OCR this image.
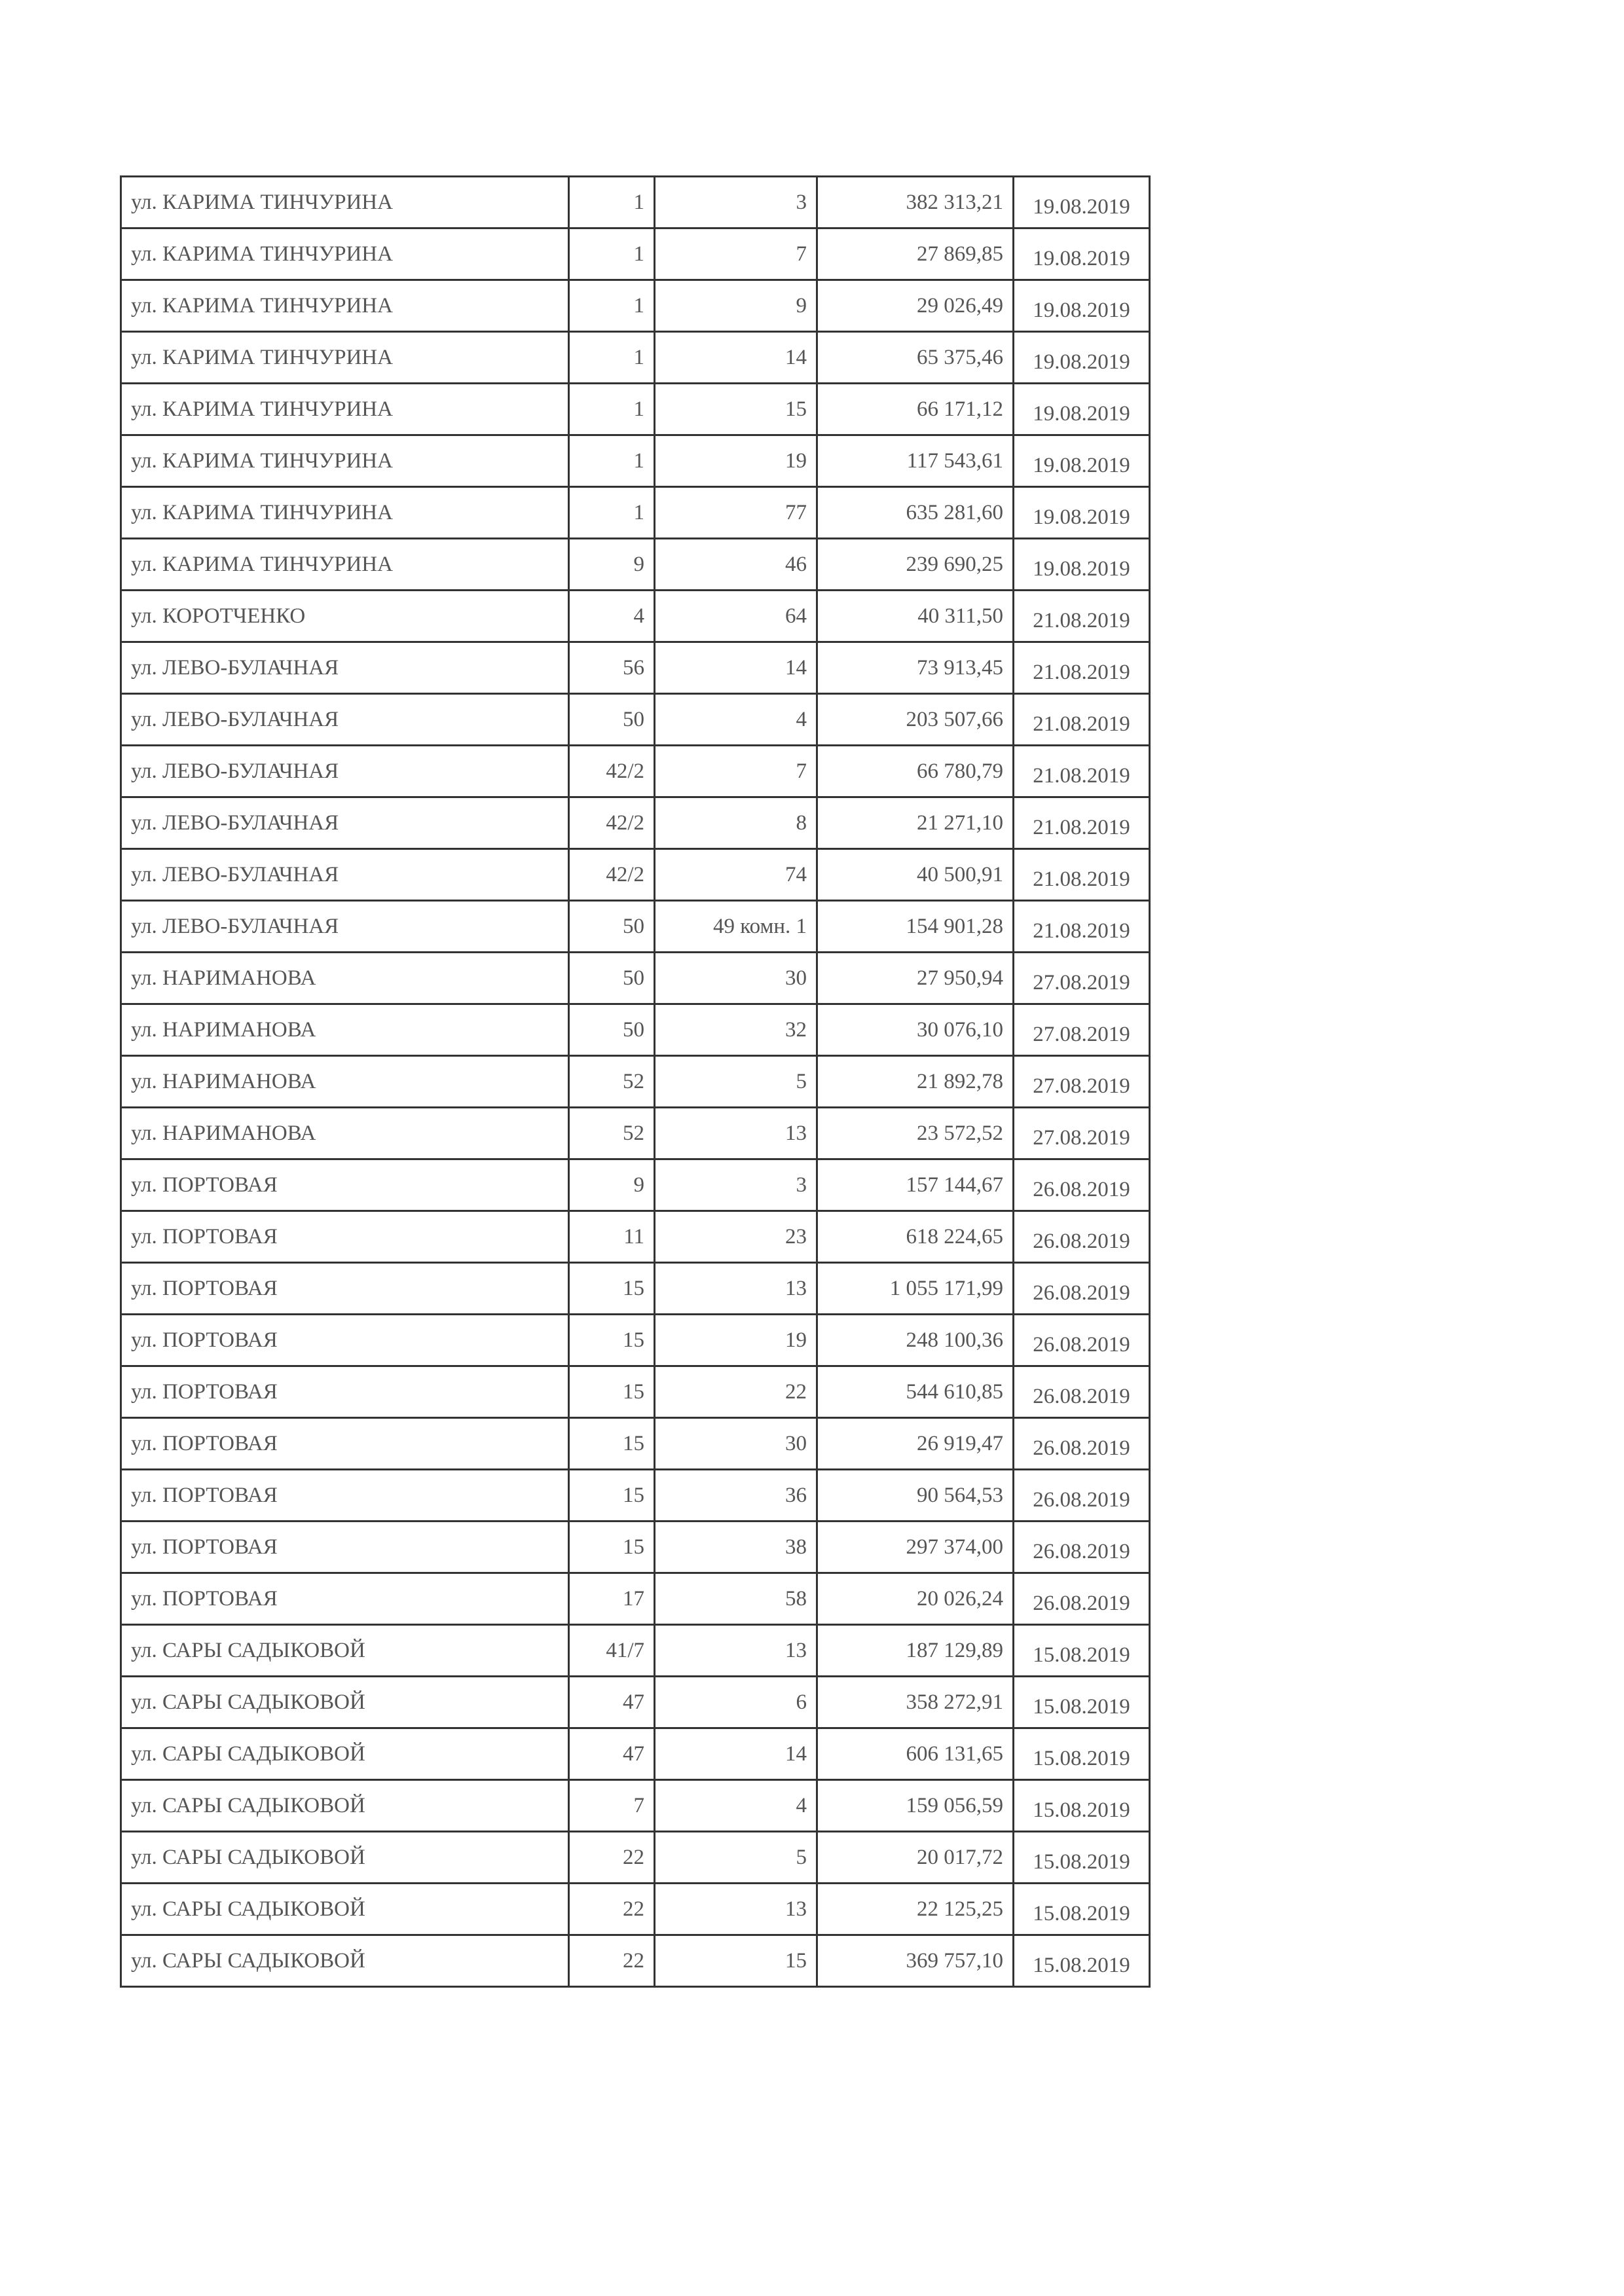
ул. КАРИМА ТИНЧУРИНА	1	3	382 313,21	19.08.2019
ул. КАРИМА ТИНЧУРИНА	1	7	27 869,85	19.08.2019
ул. КАРИМА ТИНЧУРИНА	1	9	29 026,49	19.08.2019
ул. КАРИМА ТИНЧУРИНА	1	14	65 375,46	19.08.2019
ул. КАРИМА ТИНЧУРИНА	1	15	66 171,12	19.08.2019
ул. КАРИМА ТИНЧУРИНА	1	19	117 543,61	19.08.2019
ул. КАРИМА ТИНЧУРИНА	1	77	635 281,60	19.08.2019
ул. КАРИМА ТИНЧУРИНА	9	46	239 690,25	19.08.2019
ул. КОРОТЧЕНКО	4	64	40 311,50	21.08.2019
ул. ЛЕВО-БУЛАЧНАЯ	56	14	73 913,45	21.08.2019
ул. ЛЕВО-БУЛАЧНАЯ	50	4	203 507,66	21.08.2019
ул. ЛЕВО-БУЛАЧНАЯ	42/2	7	66 780,79	21.08.2019
ул. ЛЕВО-БУЛАЧНАЯ	42/2	8	21 271,10	21.08.2019
ул. ЛЕВО-БУЛАЧНАЯ	42/2	74	40 500,91	21.08.2019
ул. ЛЕВО-БУЛАЧНАЯ	50	49 комн. 1	154 901,28	21.08.2019
ул. НАРИМАНОВА	50	30	27 950,94	27.08.2019
ул. НАРИМАНОВА	50	32	30 076,10	27.08.2019
ул. НАРИМАНОВА	52	5	21 892,78	27.08.2019
ул. НАРИМАНОВА	52	13	23 572,52	27.08.2019
ул. ПОРТОВАЯ	9	3	157 144,67	26.08.2019
ул. ПОРТОВАЯ	11	23	618 224,65	26.08.2019
ул. ПОРТОВАЯ	15	13	1 055 171,99	26.08.2019
ул. ПОРТОВАЯ	15	19	248 100,36	26.08.2019
ул. ПОРТОВАЯ	15	22	544 610,85	26.08.2019
ул. ПОРТОВАЯ	15	30	26 919,47	26.08.2019
ул. ПОРТОВАЯ	15	36	90 564,53	26.08.2019
ул. ПОРТОВАЯ	15	38	297 374,00	26.08.2019
ул. ПОРТОВАЯ	17	58	20 026,24	26.08.2019
ул. САРЫ САДЫКОВОЙ	41/7	13	187 129,89	15.08.2019
ул. САРЫ САДЫКОВОЙ	47	6	358 272,91	15.08.2019
ул. САРЫ САДЫКОВОЙ	47	14	606 131,65	15.08.2019
ул. САРЫ САДЫКОВОЙ	7	4	159 056,59	15.08.2019
ул. САРЫ САДЫКОВОЙ	22	5	20 017,72	15.08.2019
ул. САРЫ САДЫКОВОЙ	22	13	22 125,25	15.08.2019
ул. САРЫ САДЫКОВОЙ	22	15	369 757,10	15.08.2019
